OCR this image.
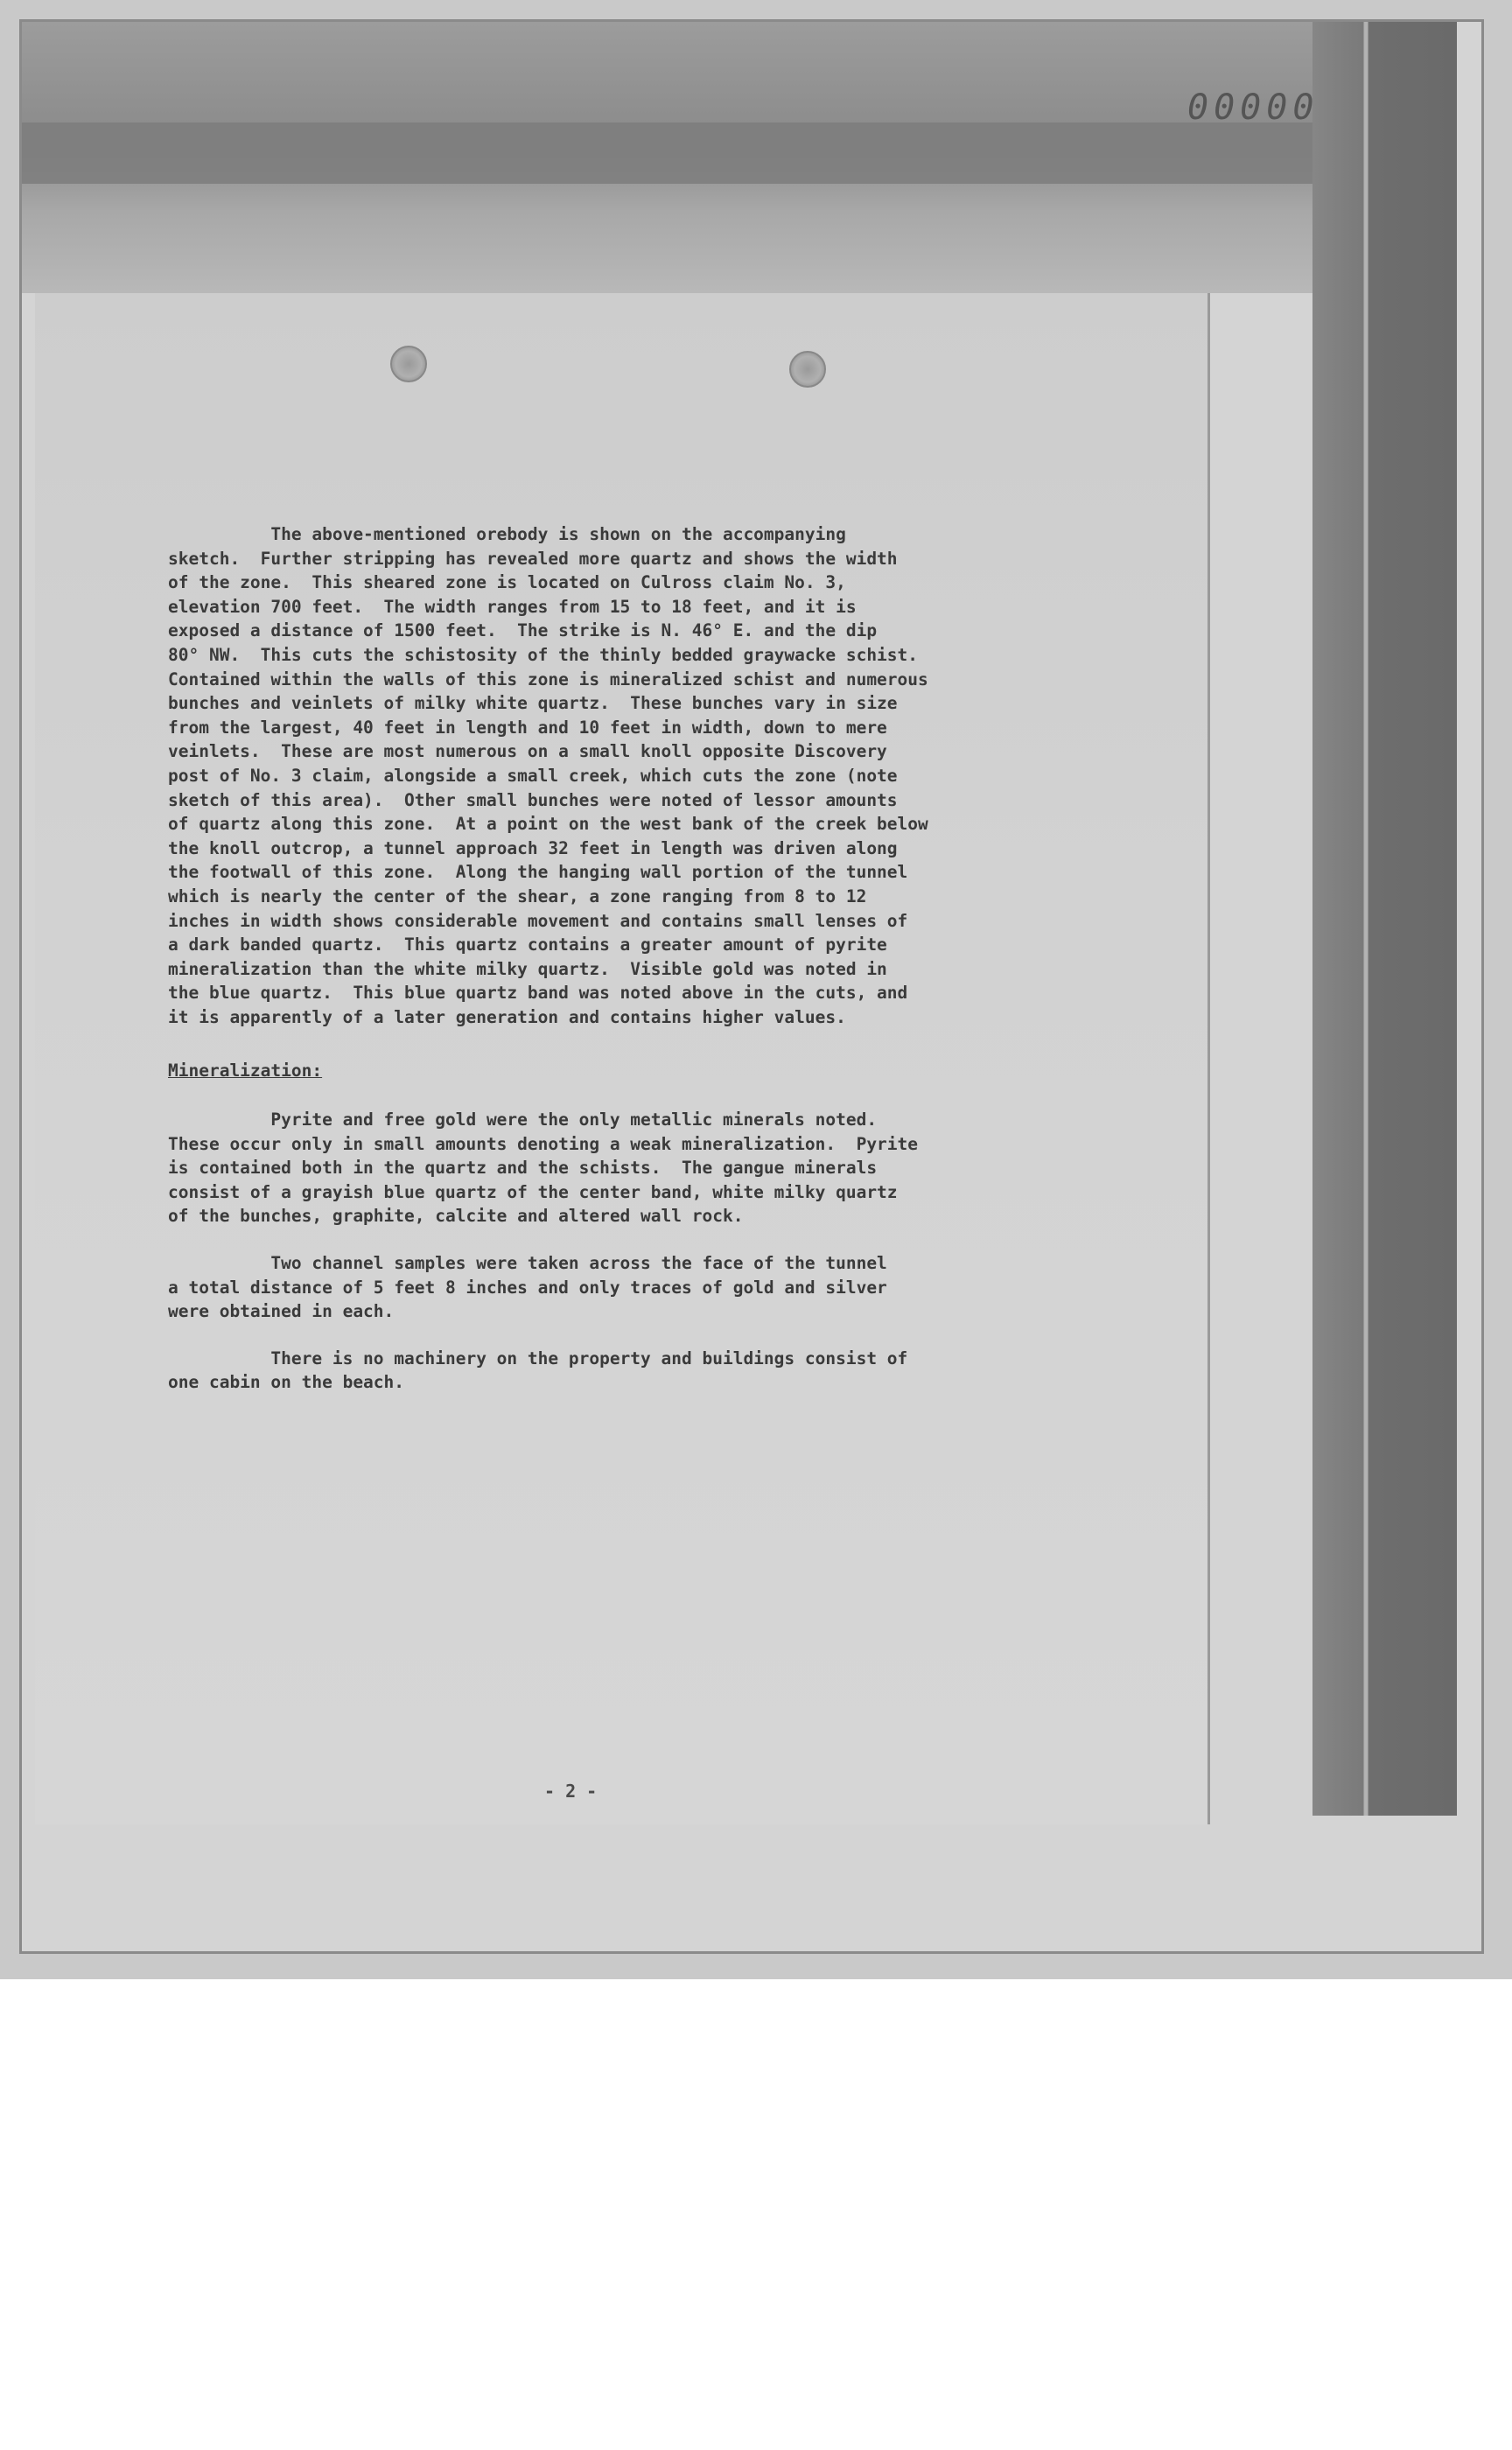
00000

The above-mentioned orebody is shown on the accompanying

sketch.  Further stripping has revealed more quartz and shows the width

of the zone.  This sheared zone is located on Culross claim No. 3,

elevation 700 feet.  The width ranges from 15 to 18 feet, and it is

exposed a distance of 1500 feet.  The strike is N. 46° E. and the dip

80° NW.  This cuts the schistosity of the thinly bedded graywacke schist.

Contained within the walls of this zone is mineralized schist and numerous

bunches and veinlets of milky white quartz.  These bunches vary in size

from the largest, 40 feet in length and 10 feet in width, down to mere

veinlets.  These are most numerous on a small knoll opposite Discovery

post of No. 3 claim, alongside a small creek, which cuts the zone (note

sketch of this area).  Other small bunches were noted of lessor amounts

of quartz along this zone.  At a point on the west bank of the creek below

the knoll outcrop, a tunnel approach 32 feet in length was driven along

the footwall of this zone.  Along the hanging wall portion of the tunnel

which is nearly the center of the shear, a zone ranging from 8 to 12

inches in width shows considerable movement and contains small lenses of

a dark banded quartz.  This quartz contains a greater amount of pyrite

mineralization than the white milky quartz.  Visible gold was noted in

the blue quartz.  This blue quartz band was noted above in the cuts, and

it is apparently of a later generation and contains higher values.

Mineralization:

Pyrite and free gold were the only metallic minerals noted.

These occur only in small amounts denoting a weak mineralization.  Pyrite

is contained both in the quartz and the schists.  The gangue minerals

consist of a grayish blue quartz of the center band, white milky quartz

of the bunches, graphite, calcite and altered wall rock.

Two channel samples were taken across the face of the tunnel

a total distance of 5 feet 8 inches and only traces of gold and silver

were obtained in each.

There is no machinery on the property and buildings consist of

one cabin on the beach.

- 2 -
